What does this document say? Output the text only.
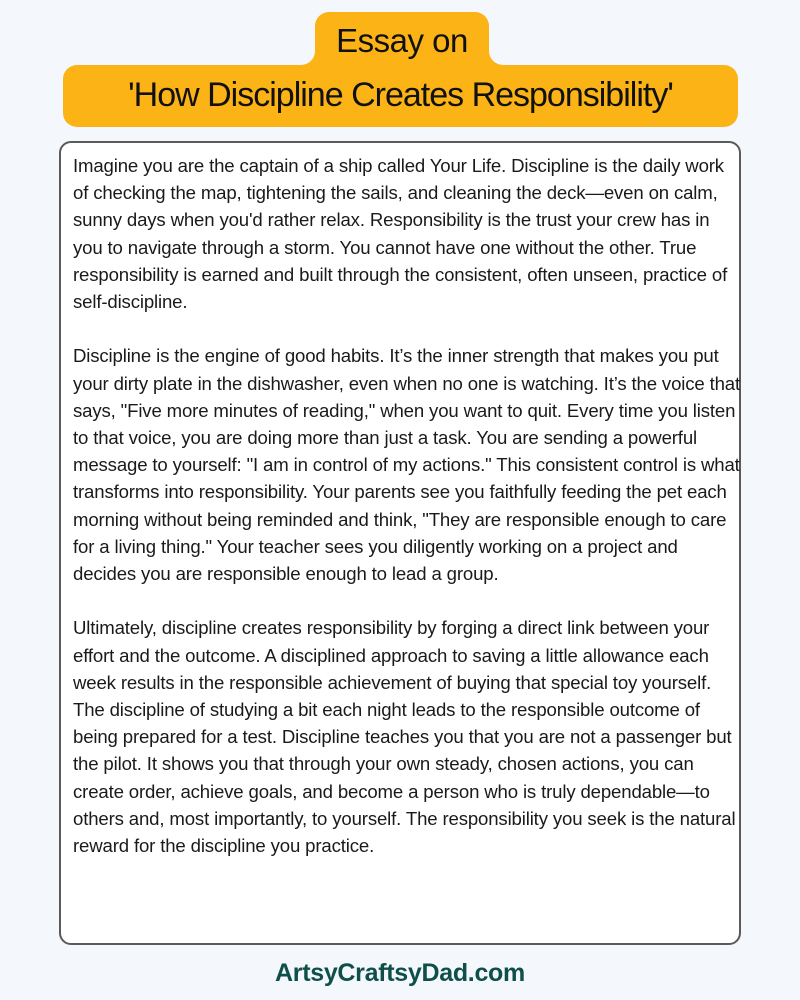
Essay on
'How Discipline Creates Responsibility'

Imagine you are the captain of a ship called Your Life. Discipline is the daily work of checking the map, tightening the sails, and cleaning the deck—even on calm, sunny days when you'd rather relax. Responsibility is the trust your crew has in you to navigate through a storm. You cannot have one without the other. True responsibility is earned and built through the consistent, often unseen, practice of self-discipline.

Discipline is the engine of good habits. It’s the inner strength that makes you put your dirty plate in the dishwasher, even when no one is watching. It’s the voice that says, "Five more minutes of reading," when you want to quit. Every time you listen to that voice, you are doing more than just a task. You are sending a powerful message to yourself: "I am in control of my actions." This consistent control is what transforms into responsibility. Your parents see you faithfully feeding the pet each morning without being reminded and think, "They are responsible enough to care for a living thing." Your teacher sees you diligently working on a project and decides you are responsible enough to lead a group.

Ultimately, discipline creates responsibility by forging a direct link between your effort and the outcome. A disciplined approach to saving a little allowance each week results in the responsible achievement of buying that special toy yourself. The discipline of studying a bit each night leads to the responsible outcome of being prepared for a test. Discipline teaches you that you are not a passenger but the pilot. It shows you that through your own steady, chosen actions, you can create order, achieve goals, and become a person who is truly dependable—to others and, most importantly, to yourself. The responsibility you seek is the natural reward for the discipline you practice.

ArtsyCraftsyDad.com
